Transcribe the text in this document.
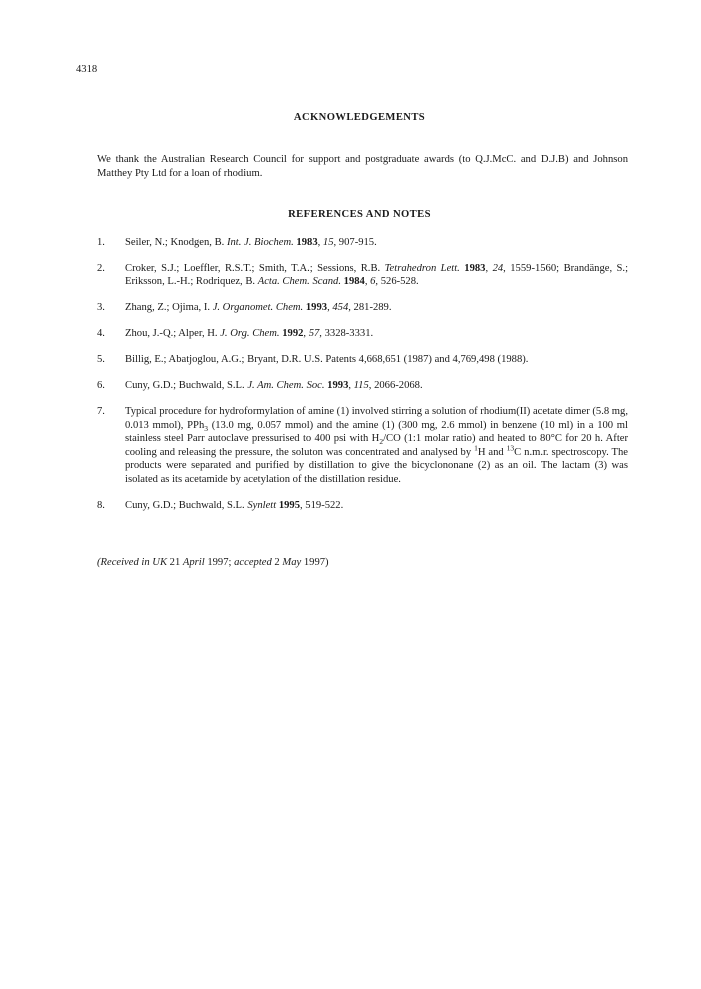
4318
ACKNOWLEDGEMENTS
We thank the Australian Research Council for support and postgraduate awards (to Q.J.McC. and D.J.B) and Johnson Matthey Pty Ltd for a loan of rhodium.
REFERENCES AND NOTES
1. Seiler, N.; Knodgen, B. Int. J. Biochem. 1983, 15, 907-915.
2. Croker, S.J.; Loeffler, R.S.T.; Smith, T.A.; Sessions, R.B. Tetrahedron Lett. 1983, 24, 1559-1560; Brandänge, S.; Eriksson, L.-H.; Rodriquez, B. Acta. Chem. Scand. 1984, 6, 526-528.
3. Zhang, Z.; Ojima, I. J. Organomet. Chem. 1993, 454, 281-289.
4. Zhou, J.-Q.; Alper, H. J. Org. Chem. 1992, 57, 3328-3331.
5. Billig, E.; Abatjoglou, A.G.; Bryant, D.R. U.S. Patents 4,668,651 (1987) and 4,769,498 (1988).
6. Cuny, G.D.; Buchwald, S.L. J. Am. Chem. Soc. 1993, 115, 2066-2068.
7. Typical procedure for hydroformylation of amine (1) involved stirring a solution of rhodium(II) acetate dimer (5.8 mg, 0.013 mmol), PPh$_3$ (13.0 mg, 0.057 mmol) and the amine (1) (300 mg, 2.6 mmol) in benzene (10 ml) in a 100 ml stainless steel Parr autoclave pressurised to 400 psi with $H_2/CO$ (1:1 molar ratio) and heated to 80°C for 20 h. After cooling and releasing the pressure, the soluton was concentrated and analysed by $^1$H and $^{13}$C n.m.r. spectroscopy. The products were separated and purified by distillation to give the bicyclononane (2) as an oil. The lactam (3) was isolated as its acetamide by acetylation of the distillation residue.
8. Cuny, G.D.; Buchwald, S.L. Synlett 1995, 519-522.
(Received in UK 21 April 1997; accepted 2 May 1997)
